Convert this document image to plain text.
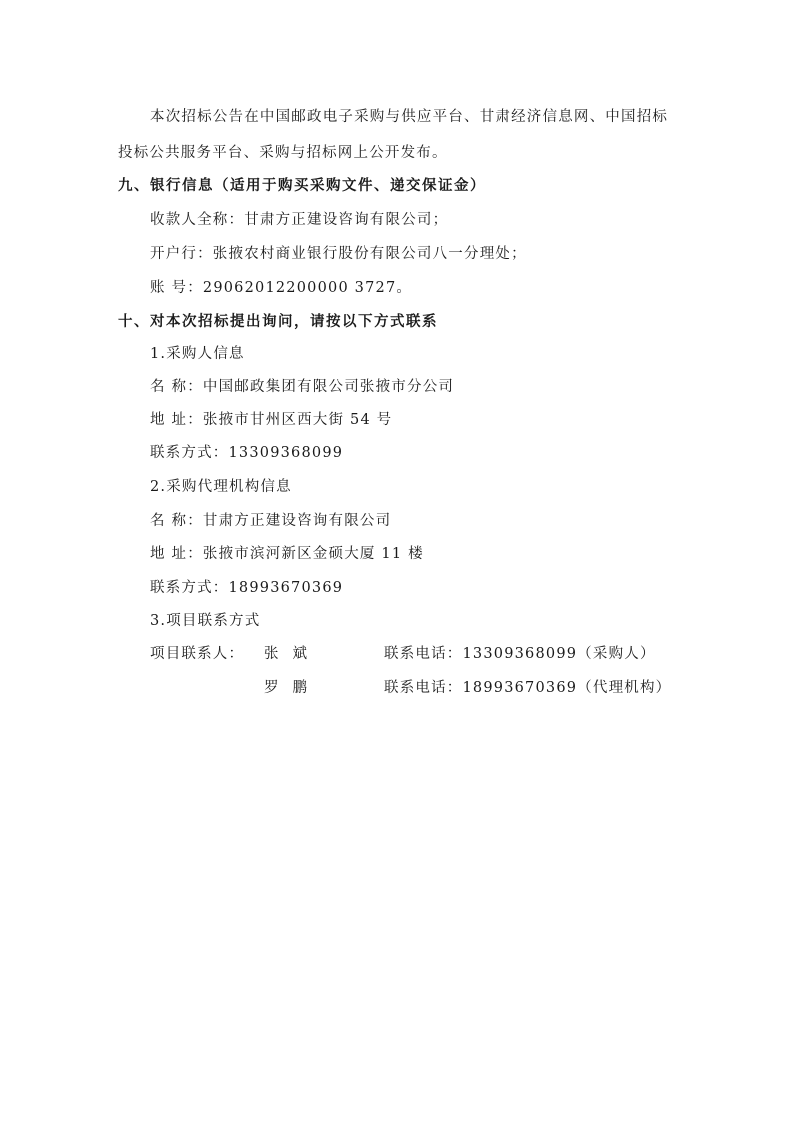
本次招标公告在中国邮政电子采购与供应平台、甘肃经济信息网、中国招标
投标公共服务平台、采购与招标网上公开发布。
九、银行信息（适用于购买采购文件、递交保证金）
收款人全称：甘肃方正建设咨询有限公司；
开户行：张掖农村商业银行股份有限公司八一分理处；
账 号：29062012200000 3727。
十、对本次招标提出询问，请按以下方式联系
1.采购人信息
名 称：中国邮政集团有限公司张掖市分公司
地 址：张掖市甘州区西大街 54 号
联系方式：13309368099
2.采购代理机构信息
名 称：甘肃方正建设咨询有限公司
地 址：张掖市滨河新区金硕大厦 11 楼
联系方式：18993670369
3.项目联系方式
项目联系人： 张斌	联系电话：13309368099（采购人）
罗鹏	联系电话：18993670369（代理机构）
